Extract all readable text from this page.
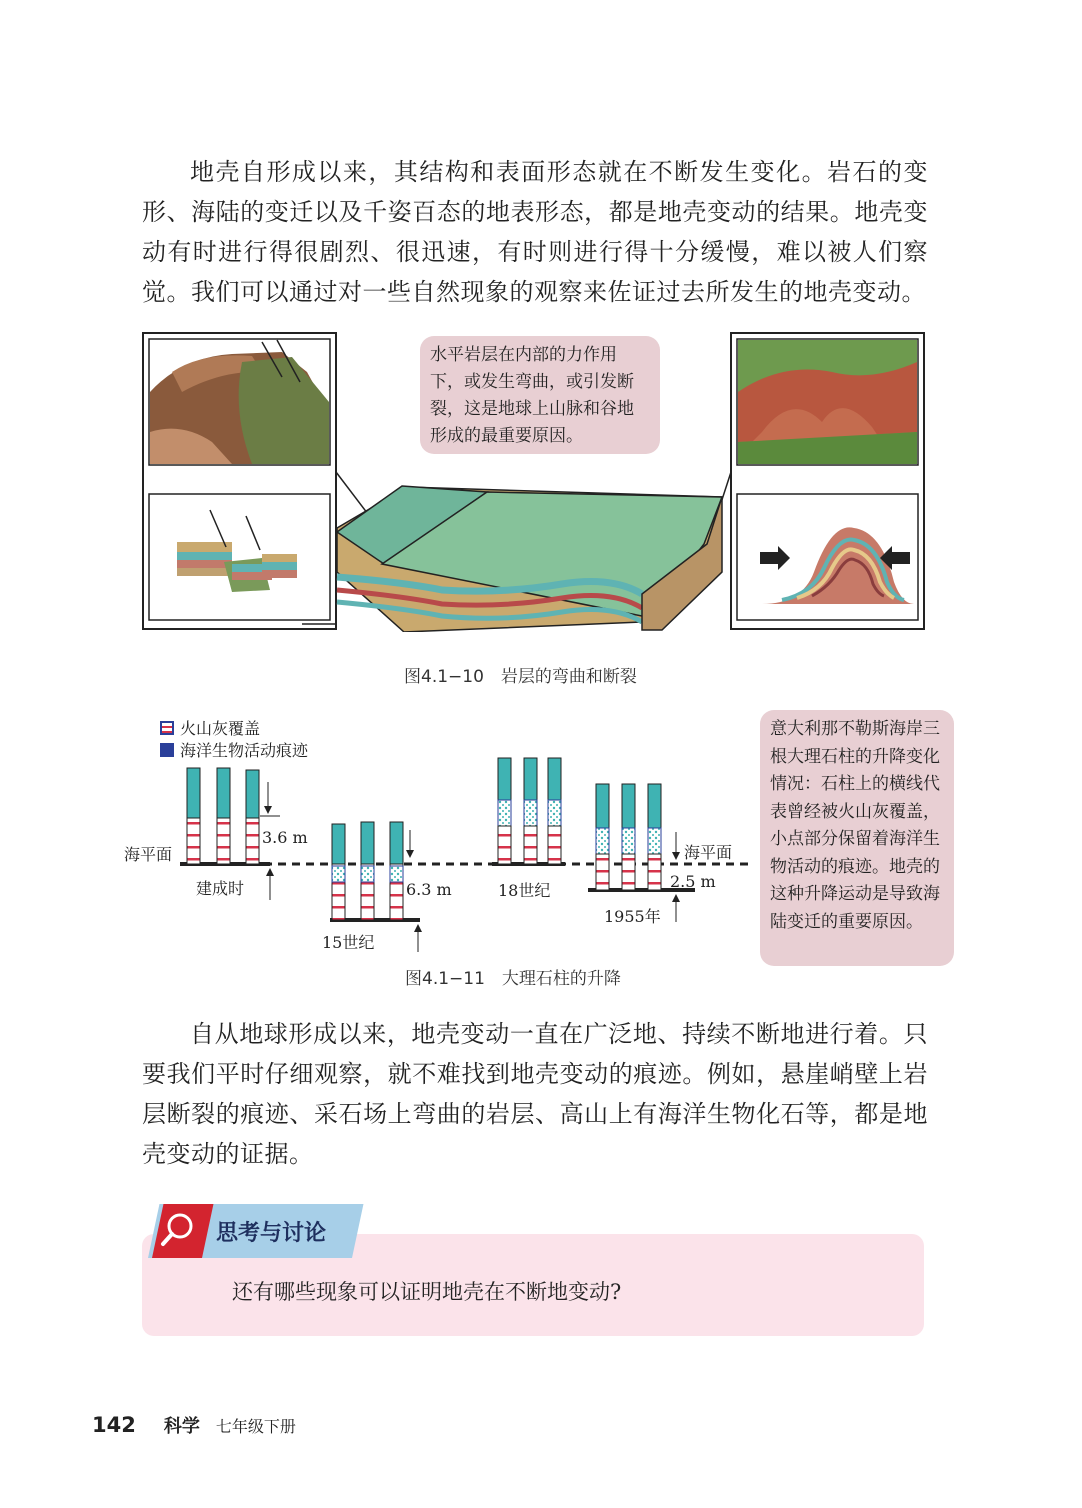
地壳自形成以来，其结构和表面形态就在不断发生变化。岩石的变形、海陆的变迁以及千姿百态的地表形态，都是地壳变动的结果。地壳变动有时进行得很剧烈、很迅速，有时则进行得十分缓慢，难以被人们察觉。我们可以通过对一些自然现象的观察来佐证过去所发生的地壳变动。

水平岩层在内部的力作用下，或发生弯曲，或引发断裂，这是地球上山脉和谷地形成的最重要原因。
图4.1−10　岩层的弯曲和断裂
火山灰覆盖
海洋生物活动痕迹
海平面	海平面
建成时
15世纪
18世纪
1955年
3.6 m
6.3 m	2.5 m
意大利那不勒斯海岸三根大理石柱的升降变化情况：石柱上的横线代表曾经被火山灰覆盖，小点部分保留着海洋生物活动的痕迹。地壳的这种升降运动是导致海陆变迁的重要原因。
图4.1−11　大理石柱的升降

自从地球形成以来，地壳变动一直在广泛地、持续不断地进行着。只要我们平时仔细观察，就不难找到地壳变动的痕迹。例如，悬崖峭壁上岩层断裂的痕迹、采石场上弯曲的岩层、高山上有海洋生物化石等，都是地壳变动的证据。

思考与讨论
还有哪些现象可以证明地壳在不断地变动?
142 科学 七年级下册
